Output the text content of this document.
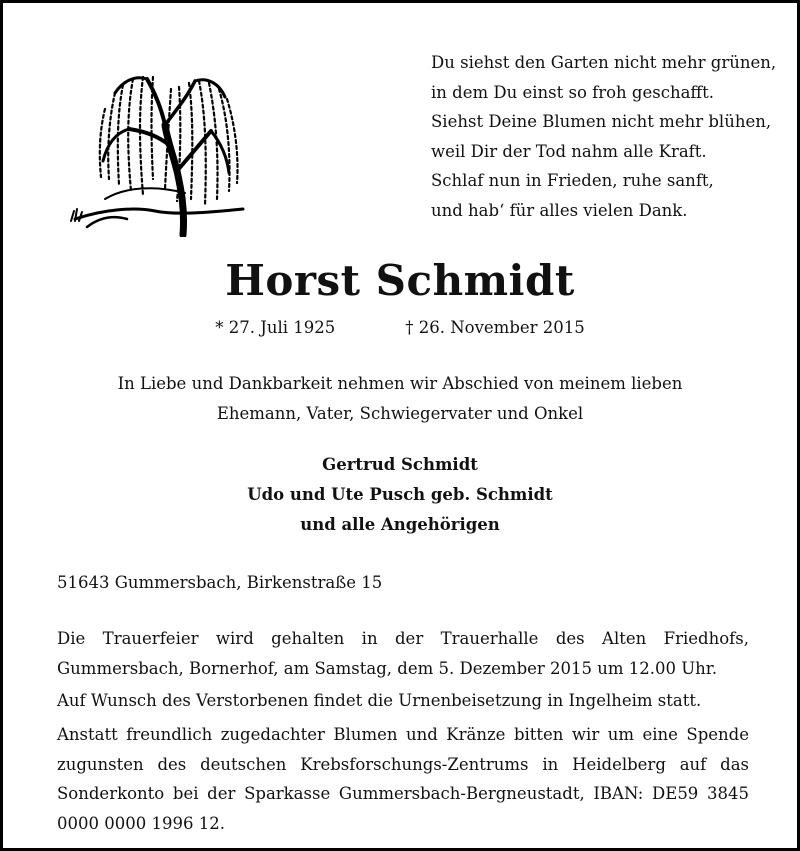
Du siehst den Garten nicht mehr grünen,
in dem Du einst so froh geschafft.
Siehst Deine Blumen nicht mehr blühen,
weil Dir der Tod nahm alle Kraft.
Schlaf nun in Frieden, ruhe sanft,
und hab‘ für alles vielen Dank.
Horst Schmidt
* 27. Juli 1925	† 26. November 2015
In Liebe und Dankbarkeit nehmen wir Abschied von meinem lieben
Ehemann, Vater, Schwiegervater und Onkel
Gertrud Schmidt
Udo und Ute Pusch geb. Schmidt
und alle Angehörigen
51643 Gummersbach, Birkenstraße 15
Die Trauerfeier wird gehalten in der Trauerhalle des Alten Friedhofs, Gummersbach, Bornerhof, am Samstag, dem 5. Dezember 2015 um 12.00 Uhr.
Auf Wunsch des Verstorbenen findet die Urnenbeisetzung in Ingelheim statt.
Anstatt freundlich zugedachter Blumen und Kränze bitten wir um eine Spende zugunsten des deutschen Krebsforschungs-Zentrums in Heidelberg auf das Sonderkonto bei der Sparkasse Gummersbach-Bergneustadt, IBAN: DE59 3845 0000 0000 1996 12.
